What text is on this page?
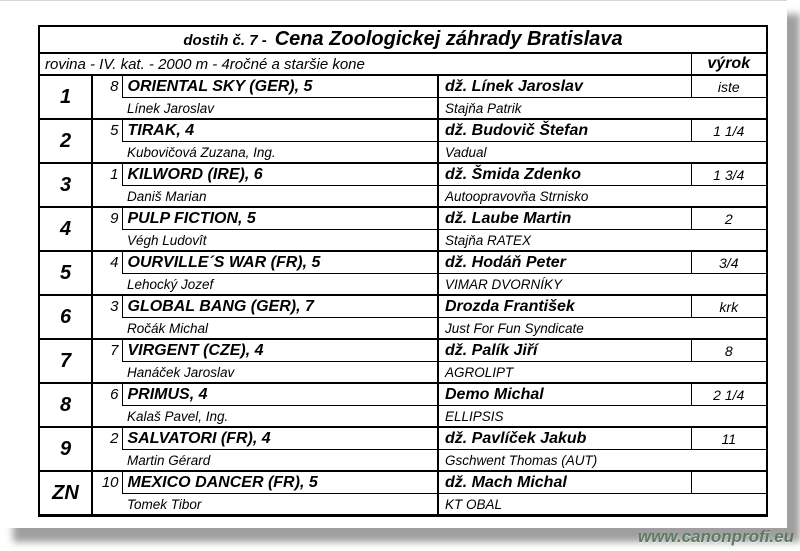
dostih č. 7 - Cena Zoologickej záhrady Bratislava				
rovina - IV. kat. - 2000 m - 4ročné a staršie kone				výrok
1	8	ORIENTAL SKY (GER), 5	dž. Línek Jaroslav	iste
		Línek Jaroslav	Stajňa Patrik	
2	5	TIRAK, 4	dž. Budovič Štefan	1 1/4
		Kubovičová Zuzana, Ing.	Vadual	
3	1	KILWORD (IRE), 6	dž. Šmida Zdenko	1 3/4
		Daniš Marian	Autoopravovňa Strnisko	
4	9	PULP FICTION, 5	dž. Laube Martin	2
		Végh Ludovît	Stajňa RATEX	
5	4	OURVILLE´S WAR (FR), 5	dž. Hodáň Peter	3/4
		Lehocký Jozef	VIMAR DVORNÍKY	
6	3	GLOBAL BANG (GER), 7	Drozda František	krk
		Ročák Michal	Just For Fun Syndicate	
7	7	VIRGENT (CZE), 4	dž. Palík Jiří	8
		Hanáček Jaroslav	AGROLIPT	
8	6	PRIMUS, 4	Demo Michal	2 1/4
		Kalaš Pavel, Ing.	ELLIPSIS	
9	2	SALVATORI (FR), 4	dž. Pavlíček Jakub	11
		Martin Gérard	Gschwent Thomas (AUT)	
ZN	10	MEXICO DANCER (FR), 5	dž. Mach Michal	
		Tomek Tibor	KT OBAL	
www.canonprofi.eu
